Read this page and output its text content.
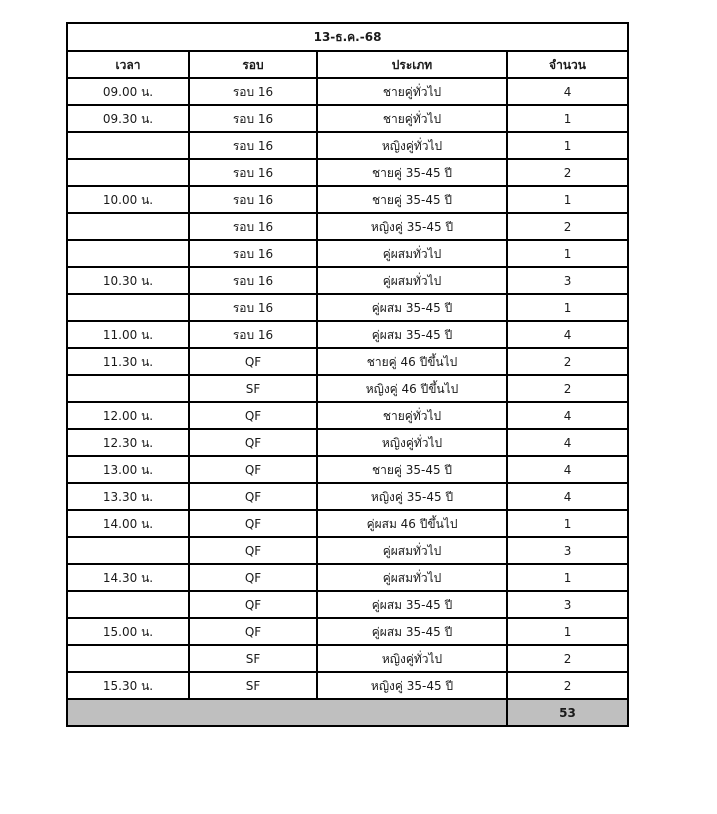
13-ธ.ค.-68			
เวลา	รอบ	ประเภท	จำนวน
09.00 น.	รอบ 16	ชายคู่ทั่วไป	4
09.30 น.	รอบ 16	ชายคู่ทั่วไป	1
	รอบ 16	หญิงคู่ทั่วไป	1
	รอบ 16	ชายคู่ 35-45 ปี	2
10.00 น.	รอบ 16	ชายคู่ 35-45 ปี	1
	รอบ 16	หญิงคู่ 35-45 ปี	2
	รอบ 16	คู่ผสมทั่วไป	1
10.30 น.	รอบ 16	คู่ผสมทั่วไป	3
	รอบ 16	คู่ผสม 35-45 ปี	1
11.00 น.	รอบ 16	คู่ผสม 35-45 ปี	4
11.30 น.	QF	ชายคู่ 46 ปีขึ้นไป	2
	SF	หญิงคู่ 46 ปีขึ้นไป	2
12.00 น.	QF	ชายคู่ทั่วไป	4
12.30 น.	QF	หญิงคู่ทั่วไป	4
13.00 น.	QF	ชายคู่ 35-45 ปี	4
13.30 น.	QF	หญิงคู่ 35-45 ปี	4
14.00 น.	QF	คู่ผสม 46 ปีขึ้นไป	1
	QF	คู่ผสมทั่วไป	3
14.30 น.	QF	คู่ผสมทั่วไป	1
	QF	คู่ผสม 35-45 ปี	3
15.00 น.	QF	คู่ผสม 35-45 ปี	1
	SF	หญิงคู่ทั่วไป	2
15.30 น.	SF	หญิงคู่ 35-45 ปี	2
			53
